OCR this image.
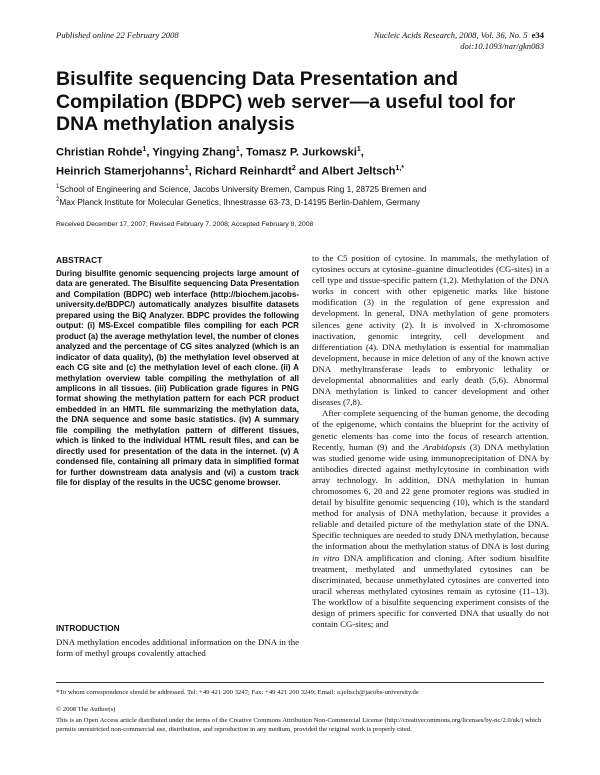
Published online 22 February 2008	Nucleic Acids Research, 2008, Vol. 36, No. 5 e34
doi:10.1093/nar/gkn083
Bisulfite sequencing Data Presentation and Compilation (BDPC) web server—a useful tool for DNA methylation analysis
Christian Rohde$^1$, Yingying Zhang$^1$, Tomasz P. Jurkowski$^1$,
Heinrich Stamerjohanns$^1$, Richard Reinhardt$^2$ and Albert Jeltsch$^{1,*}$
$^1$School of Engineering and Science, Jacobs University Bremen, Campus Ring 1, 28725 Bremen and
$^2$Max Planck Institute for Molecular Genetics, Ihnestrasse 63-73, D-14195 Berlin-Dahlem, Germany
Received December 17, 2007; Revised February 7, 2008; Accepted February 8, 2008
ABSTRACT

During bisulfite genomic sequencing projects large amount of data are generated. The Bisulfite sequencing Data Presentation and Compilation (BDPC) web interface (http://biochem.jacobs-university.de/BDPC/) automatically analyzes bisulfite datasets prepared using the BiQ Analyzer. BDPC provides the following output: (i) MS-Excel compatible files compiling for each PCR product (a) the average methylation level, the number of clones analyzed and the percentage of CG sites analyzed (which is an indicator of data quality), (b) the methylation level observed at each CG site and (c) the methylation level of each clone. (ii) A methylation overview table compiling the methylation of all amplicons in all tissues. (iii) Publication grade figures in PNG format showing the methylation pattern for each PCR product embedded in an HMTL file summarizing the methylation data, the DNA sequence and some basic statistics. (iv) A summary file compiling the methylation pattern of different tissues, which is linked to the individual HTML result files, and can be directly used for presentation of the data in the internet. (v) A condensed file, containing all primary data in simplified format for further downstream data analysis and (vi) a custom track file for display of the results in the UCSC genome browser.

INTRODUCTION

DNA methylation encodes additional information on the DNA in the form of methyl groups covalently attached

to the C5 position of cytosine. In mammals, the methylation of cytosines occurs at cytosine–guanine dinucleotides (CG-sites) in a cell type and tissue-specific pattern (1,2). Methylation of the DNA works in concert with other epigenetic marks like histone modification (3) in the regulation of gene expression and development. In general, DNA methylation of gene promoters silences gene activity (2). It is involved in X-chromosome inactivation, genomic integrity, cell development and differentiation (4). DNA methylation is essential for mammalian development, because in mice deletion of any of the known active DNA methyltransferase leads to embryonic lethality or developmental abnormalities and early death (5,6). Abnormal DNA methylation is linked to cancer development and other diseases (7,8).

After complete sequencing of the human genome, the decoding of the epigenome, which contains the blueprint for the activity of genetic elements has come into the focus of research attention. Recently, human (9) and the Arabidopsis (3) DNA methylation was studied genome wide using immunoprecipitation of DNA by antibodies directed against methylcytosine in combination with array technology. In addition, DNA methylation in human chromosomes 6, 20 and 22 gene promoter regions was studied in detail by bisulfite genomic sequencing (10), which is the standard method for analysis of DNA methylation, because it provides a reliable and detailed picture of the methylation state of the DNA. Specific techniques are needed to study DNA methylation, because the information about the methylation status of DNA is lost during in vitro DNA amplification and cloning. After sodium bisulfite treatment, methylated and unmethylated cytosines can be discriminated, because unmethylated cytosines are converted into uracil whereas methylated cytosines remain as cytosine (11–13). The workflow of a bisulfite sequencing experiment consists of the design of primers specific for converted DNA that usually do not contain CG-sites; and

*To whom correspondence should be addressed. Tel: +49 421 200 3247; Fax: +49 421 200 3249; Email: a.jeltsch@jacobs-university.de
© 2008 The Author(s)
This is an Open Access article distributed under the terms of the Creative Commons Attribution Non-Commercial License (http://creativecommons.org/licenses/by-nc/2.0/uk/) which permits unrestricted non-commercial use, distribution, and reproduction in any medium, provided the original work is properly cited.
